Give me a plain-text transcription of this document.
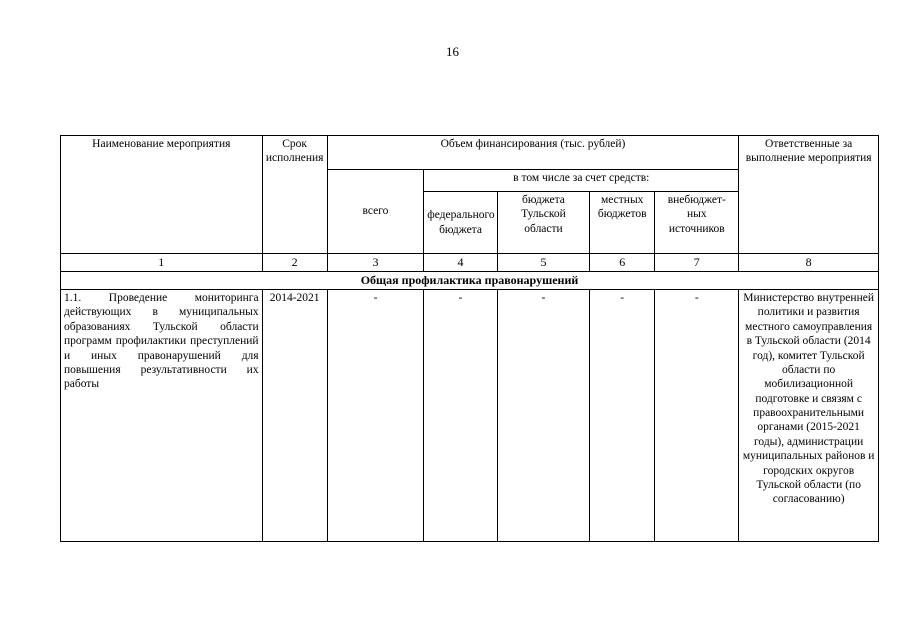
16
Наименование мероприятия	Срок исполнения	Объем финансирования (тыс. рублей)					Ответственные за выполнение мероприятия
		всего	в том числе за счет средств:				
			федерального бюджета	бюджета Тульской области	местных бюджетов	внебюджет-ных источников	
1	2	3	4	5	6	7	8
Общая профилактика правонарушений							
1.1. Проведение мониторинга действующих в муниципальных образованиях Тульской области программ профилактики преступлений и иных правонарушений для повышения результативности их работы	2014-2021	-	-	-	-	-	Министерство внутренней политики и развития местного самоуправления в Тульской области (2014 год), комитет Тульской области по мобилизационной подготовке и связям с правоохранительными органами (2015-2021 годы), администрации муниципальных районов и городских округов Тульской области (по согласованию)
